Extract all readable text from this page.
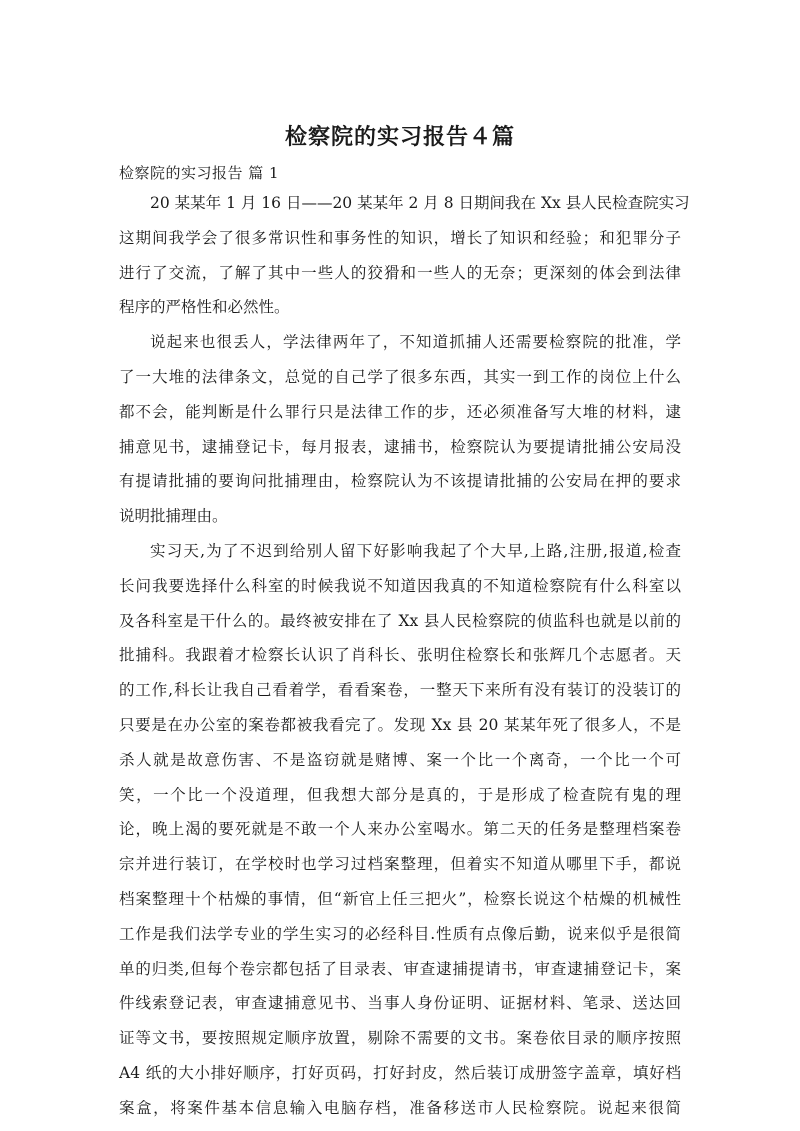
检察院的实习报告４篇
检察院的实习报告 篇 1
20 某某年 1 月 16 日——20 某某年 2 月 8 日期间我在 Xx 县人民检查院实习
这期间我学会了很多常识性和事务性的知识，增长了知识和经验；和犯罪分子
进行了交流，了解了其中一些人的狡猾和一些人的无奈；更深刻的体会到法律
程序的严格性和必然性。
说起来也很丢人，学法律两年了，不知道抓捕人还需要检察院的批准，学
了一大堆的法律条文，总觉的自己学了很多东西，其实一到工作的岗位上什么
都不会，能判断是什么罪行只是法律工作的步，还必须准备写大堆的材料，逮
捕意见书，逮捕登记卡，每月报表，逮捕书，检察院认为要提请批捕公安局没
有提请批捕的要询问批捕理由，检察院认为不该提请批捕的公安局在押的要求
说明批捕理由。
实习天,为了不迟到给别人留下好影响我起了个大早,上路,注册,报道,检查
长问我要选择什么科室的时候我说不知道因我真的不知道检察院有什么科室以
及各科室是干什么的。最终被安排在了 Xx 县人民检察院的侦监科也就是以前的
批捕科。我跟着才检察长认识了肖科长、张明住检察长和张辉几个志愿者。天
的工作,科长让我自己看着学，看看案卷，一整天下来所有没有装订的没装订的
只要是在办公室的案卷都被我看完了。发现 Xx 县 20 某某年死了很多人，不是
杀人就是故意伤害、不是盗窃就是赌博、案一个比一个离奇，一个比一个可
笑，一个比一个没道理，但我想大部分是真的，于是形成了检查院有鬼的理
论，晚上渴的要死就是不敢一个人来办公室喝水。第二天的任务是整理档案卷
宗并进行装订，在学校时也学习过档案整理，但着实不知道从哪里下手，都说
档案整理十个枯燥的事情，但“新官上任三把火”，检察长说这个枯燥的机械性
工作是我们法学专业的学生实习的必经科目.性质有点像后勤，说来似乎是很简
单的归类,但每个卷宗都包括了目录表、审查逮捕提请书，审查逮捕登记卡，案
件线索登记表，审查逮捕意见书、当事人身份证明、证据材料、笔录、送达回
证等文书，要按照规定顺序放置，剔除不需要的文书。案卷依目录的顺序按照
A4 纸的大小排好顺序，打好页码，打好封皮，然后装订成册签字盖章，填好档
案盒，将案件基本信息输入电脑存档，准备移送市人民检察院。说起来很简
